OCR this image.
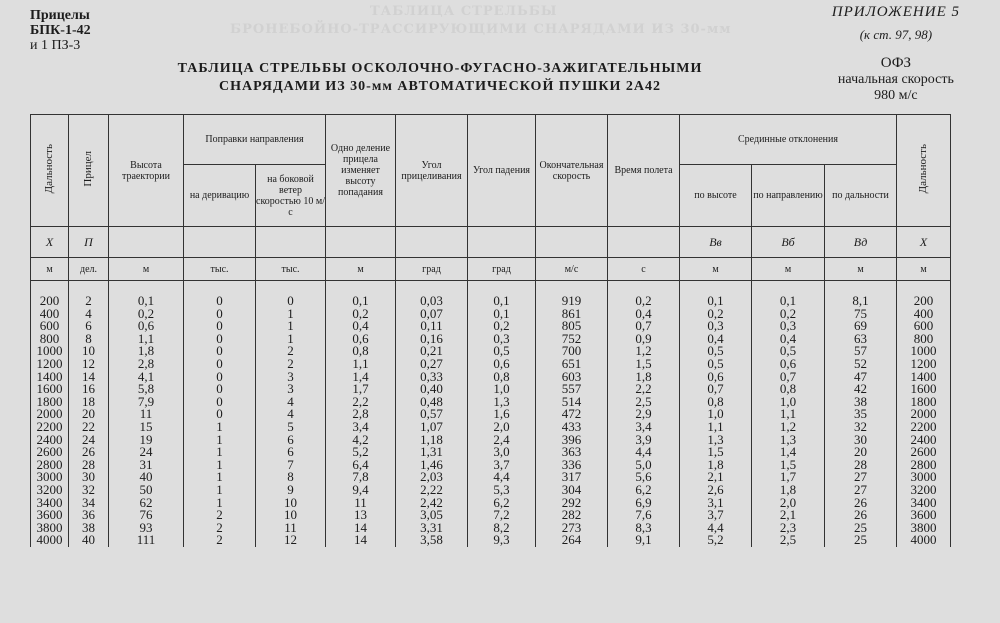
ТАБЛИЦА СТРЕЛЬБЫ
БРОНЕБОЙНО-ТРАССИРУЮЩИМИ СНАРЯДАМИ ИЗ 30-мм
Прицелы
БПК-1-42
и 1 ПЗ-3
ПРИЛОЖЕНИЕ 5
(к ст. 97, 98)
ОФЗ
начальная скорость
980 м/с
ТАБЛИЦА СТРЕЛЬБЫ ОСКОЛОЧНО-ФУГАСНО-ЗАЖИГАТЕЛЬНЫМИ
СНАРЯДАМИ ИЗ 30-мм АВТОМАТИЧЕСКОЙ ПУШКИ 2А42
Дальность	Прицел	Высота траектории	Поправки направления		Одно деление прицела изменяет высоту попадания	Угол прицеливания	Угол падения	Окончательная скорость	Время полета	Срединные отклонения			Дальность
			на деривацию	на боковой ветер скоростью 10 м/с						по высоте	по направлению	по дальности	
X	П									Вв	Вб	Вд	X
м	дел.	м	тыс.	тыс.	м	град	град	м/с	с	м	м	м	м
200	2	0,1	0	0	0,1	0,03	0,1	919	0,2	0,1	0,1	8,1	200
400	4	0,2	0	1	0,2	0,07	0,1	861	0,4	0,2	0,2	75	400
600	6	0,6	0	1	0,4	0,11	0,2	805	0,7	0,3	0,3	69	600
800	8	1,1	0	1	0,6	0,16	0,3	752	0,9	0,4	0,4	63	800
1000	10	1,8	0	2	0,8	0,21	0,5	700	1,2	0,5	0,5	57	1000
1200	12	2,8	0	2	1,1	0,27	0,6	651	1,5	0,5	0,6	52	1200
1400	14	4,1	0	3	1,4	0,33	0,8	603	1,8	0,6	0,7	47	1400
1600	16	5,8	0	3	1,7	0,40	1,0	557	2,2	0,7	0,8	42	1600
1800	18	7,9	0	4	2,2	0,48	1,3	514	2,5	0,8	1,0	38	1800
2000	20	11	0	4	2,8	0,57	1,6	472	2,9	1,0	1,1	35	2000
2200	22	15	1	5	3,4	1,07	2,0	433	3,4	1,1	1,2	32	2200
2400	24	19	1	6	4,2	1,18	2,4	396	3,9	1,3	1,3	30	2400
2600	26	24	1	6	5,2	1,31	3,0	363	4,4	1,5	1,4	20	2600
2800	28	31	1	7	6,4	1,46	3,7	336	5,0	1,8	1,5	28	2800
3000	30	40	1	8	7,8	2,03	4,4	317	5,6	2,1	1,7	27	3000
3200	32	50	1	9	9,4	2,22	5,3	304	6,2	2,6	1,8	27	3200
3400	34	62	1	10	11	2,42	6,2	292	6,9	3,1	2,0	26	3400
3600	36	76	2	10	13	3,05	7,2	282	7,6	3,7	2,1	26	3600
3800	38	93	2	11	14	3,31	8,2	273	8,3	4,4	2,3	25	3800
4000	40	111	2	12	14	3,58	9,3	264	9,1	5,2	2,5	25	4000
